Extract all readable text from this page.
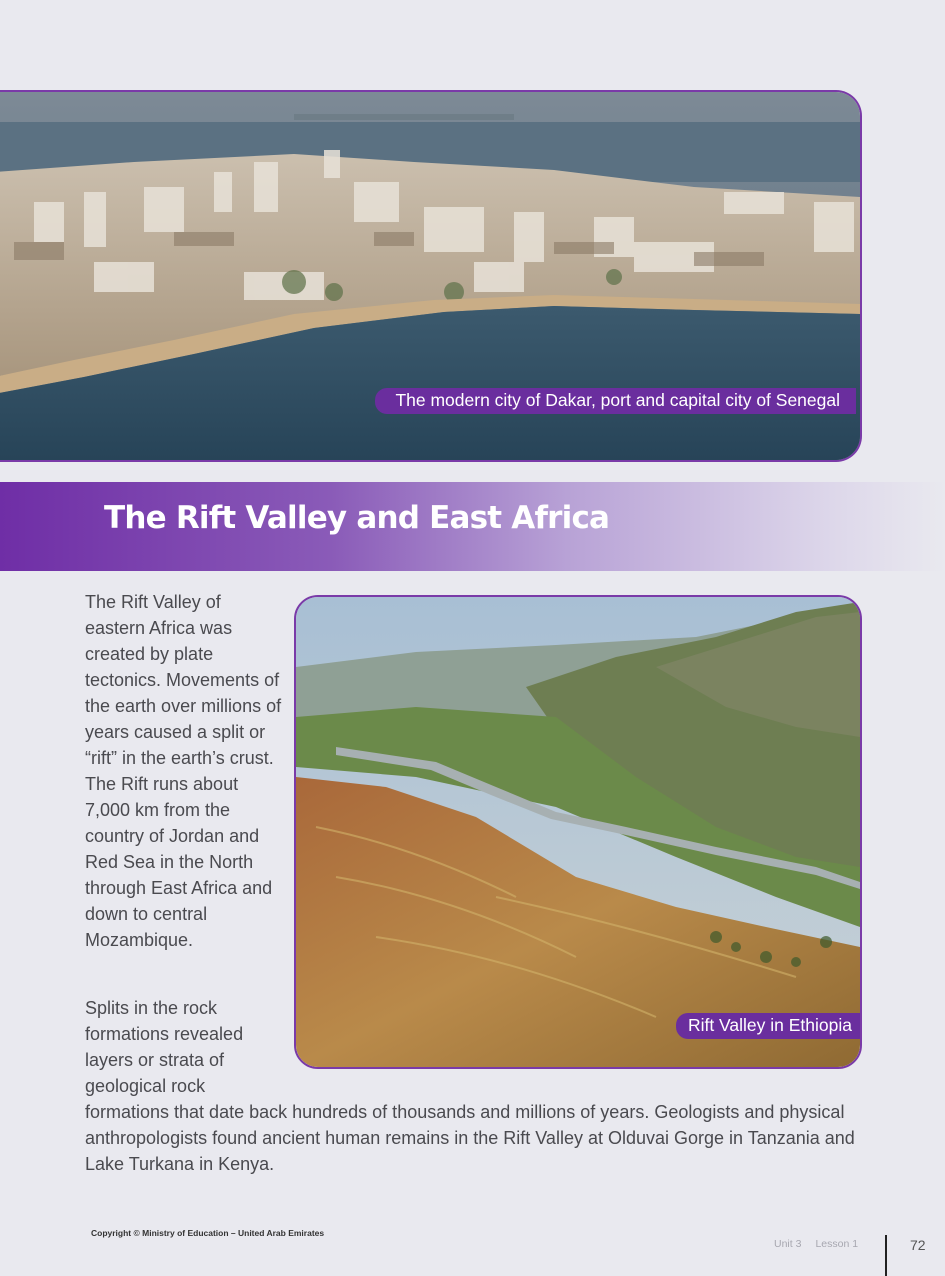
The modern city of Dakar, port and capital city of Senegal
The Rift Valley and East Africa

The Rift Valley of eastern Africa was created by plate tectonics. Movements of the earth over millions of years caused a split or “rift” in the earth’s crust. The Rift runs about 7,000 km from the country of Jordan and Red Sea in the North through East Africa and down to central Mozambique.

Rift Valley in Ethiopia

Splits in the rock formations revealed layers or strata of geological rock

formations that date back hundreds of thousands and millions of years. Geologists and physical anthropologists found ancient human remains in the Rift Valley at Olduvai Gorge in Tanzania and Lake Turkana in Kenya.

Copyright © Ministry of Education – United Arab Emirates
Unit 3 Lesson 1	72
